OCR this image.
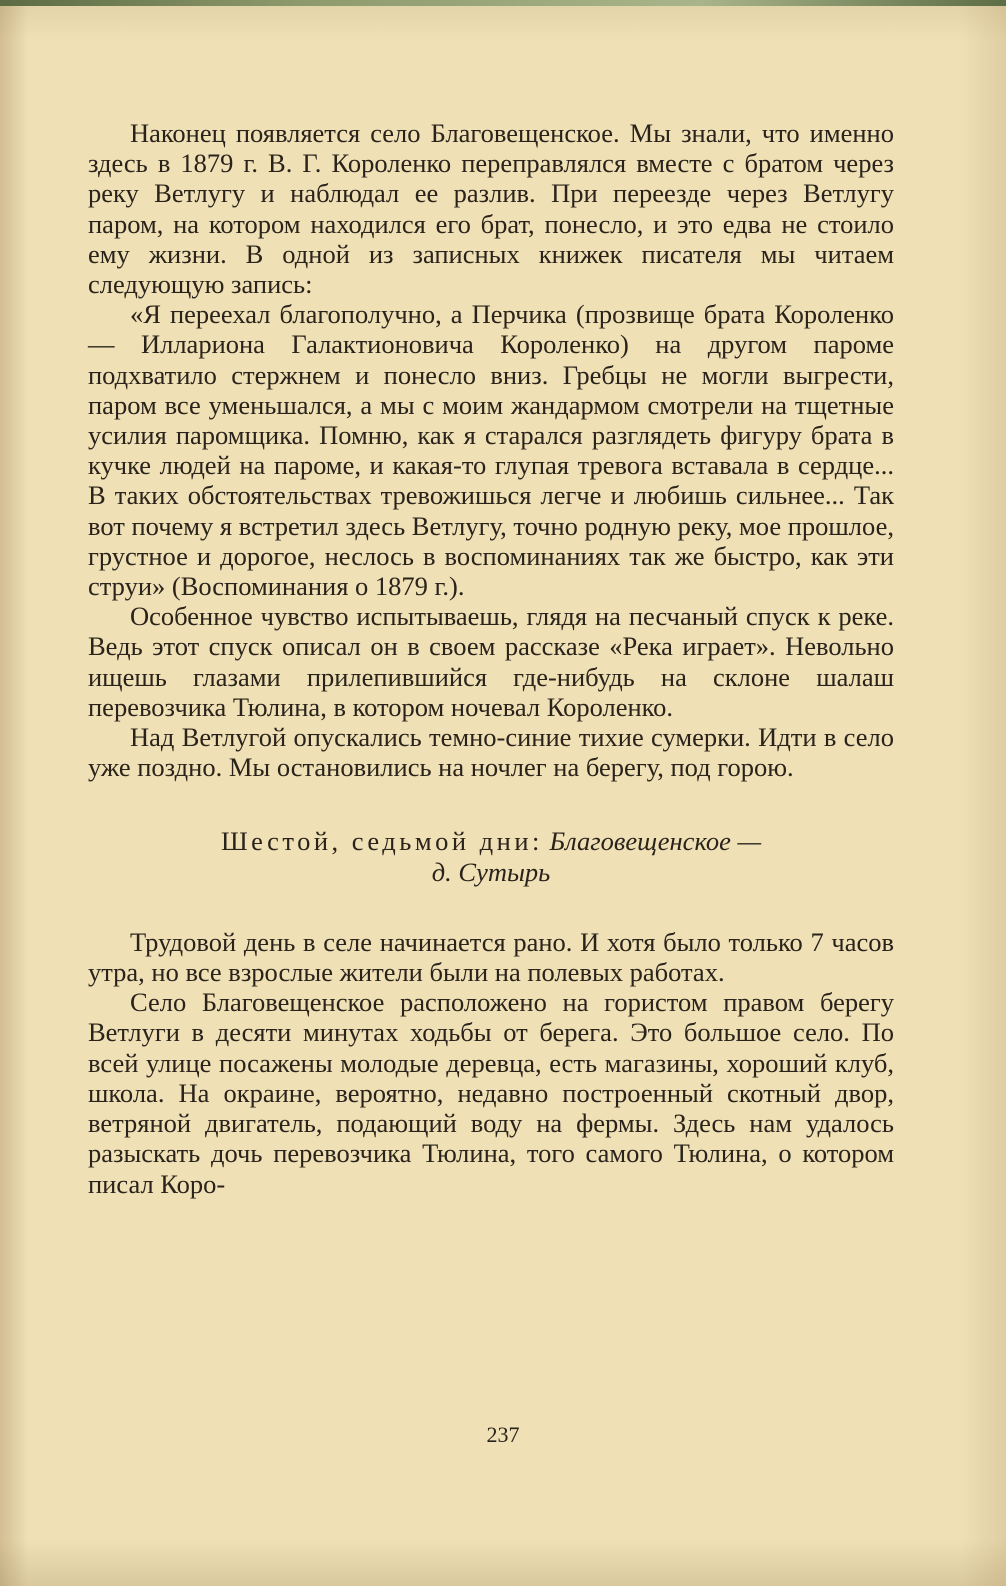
Наконец появляется село Благовещенское. Мы знали, что именно здесь в 1879 г. В. Г. Короленко переправлялся вместе с братом через реку Ветлугу и наблюдал ее разлив. При переезде через Ветлугу паром, на котором находился его брат, понесло, и это едва не стоило ему жизни. В одной из записных книжек писателя мы читаем следующую запись:

«Я переехал благополучно, а Перчика (прозвище брата Короленко — Иллариона Галактионовича Короленко) на другом пароме подхватило стержнем и понесло вниз. Гребцы не могли выгрести, паром все уменьшался, а мы с моим жандармом смотрели на тщетные усилия паромщика. Помню, как я старался разглядеть фигуру брата в кучке людей на пароме, и какая-то глупая тревога вставала в сердце... В таких обстоятельствах тревожишься легче и любишь сильнее... Так вот почему я встретил здесь Ветлугу, точно родную реку, мое прошлое, грустное и дорогое, неслось в воспоминаниях так же быстро, как эти струи» (Воспоминания о 1879 г.).

Особенное чувство испытываешь, глядя на песчаный спуск к реке. Ведь этот спуск описал он в своем рассказе «Река играет». Невольно ищешь глазами прилепившийся где-нибудь на склоне шалаш перевозчика Тюлина, в котором ночевал Короленко.

Над Ветлугой опускались темно-синие тихие сумерки. Идти в село уже поздно. Мы остановились на ночлег на берегу, под горою.

Шестой, седьмой дни: Благовещенское —
д. Сутырь

Трудовой день в селе начинается рано. И хотя было только 7 часов утра, но все взрослые жители были на полевых работах.

Село Благовещенское расположено на гористом правом берегу Ветлуги в десяти минутах ходьбы от берега. Это большое село. По всей улице посажены молодые деревца, есть магазины, хороший клуб, школа. На окраине, вероятно, недавно построенный скотный двор, ветряной двигатель, подающий воду на фермы. Здесь нам удалось разыскать дочь перевозчика Тюлина, того самого Тюлина, о котором писал Коро-

237
